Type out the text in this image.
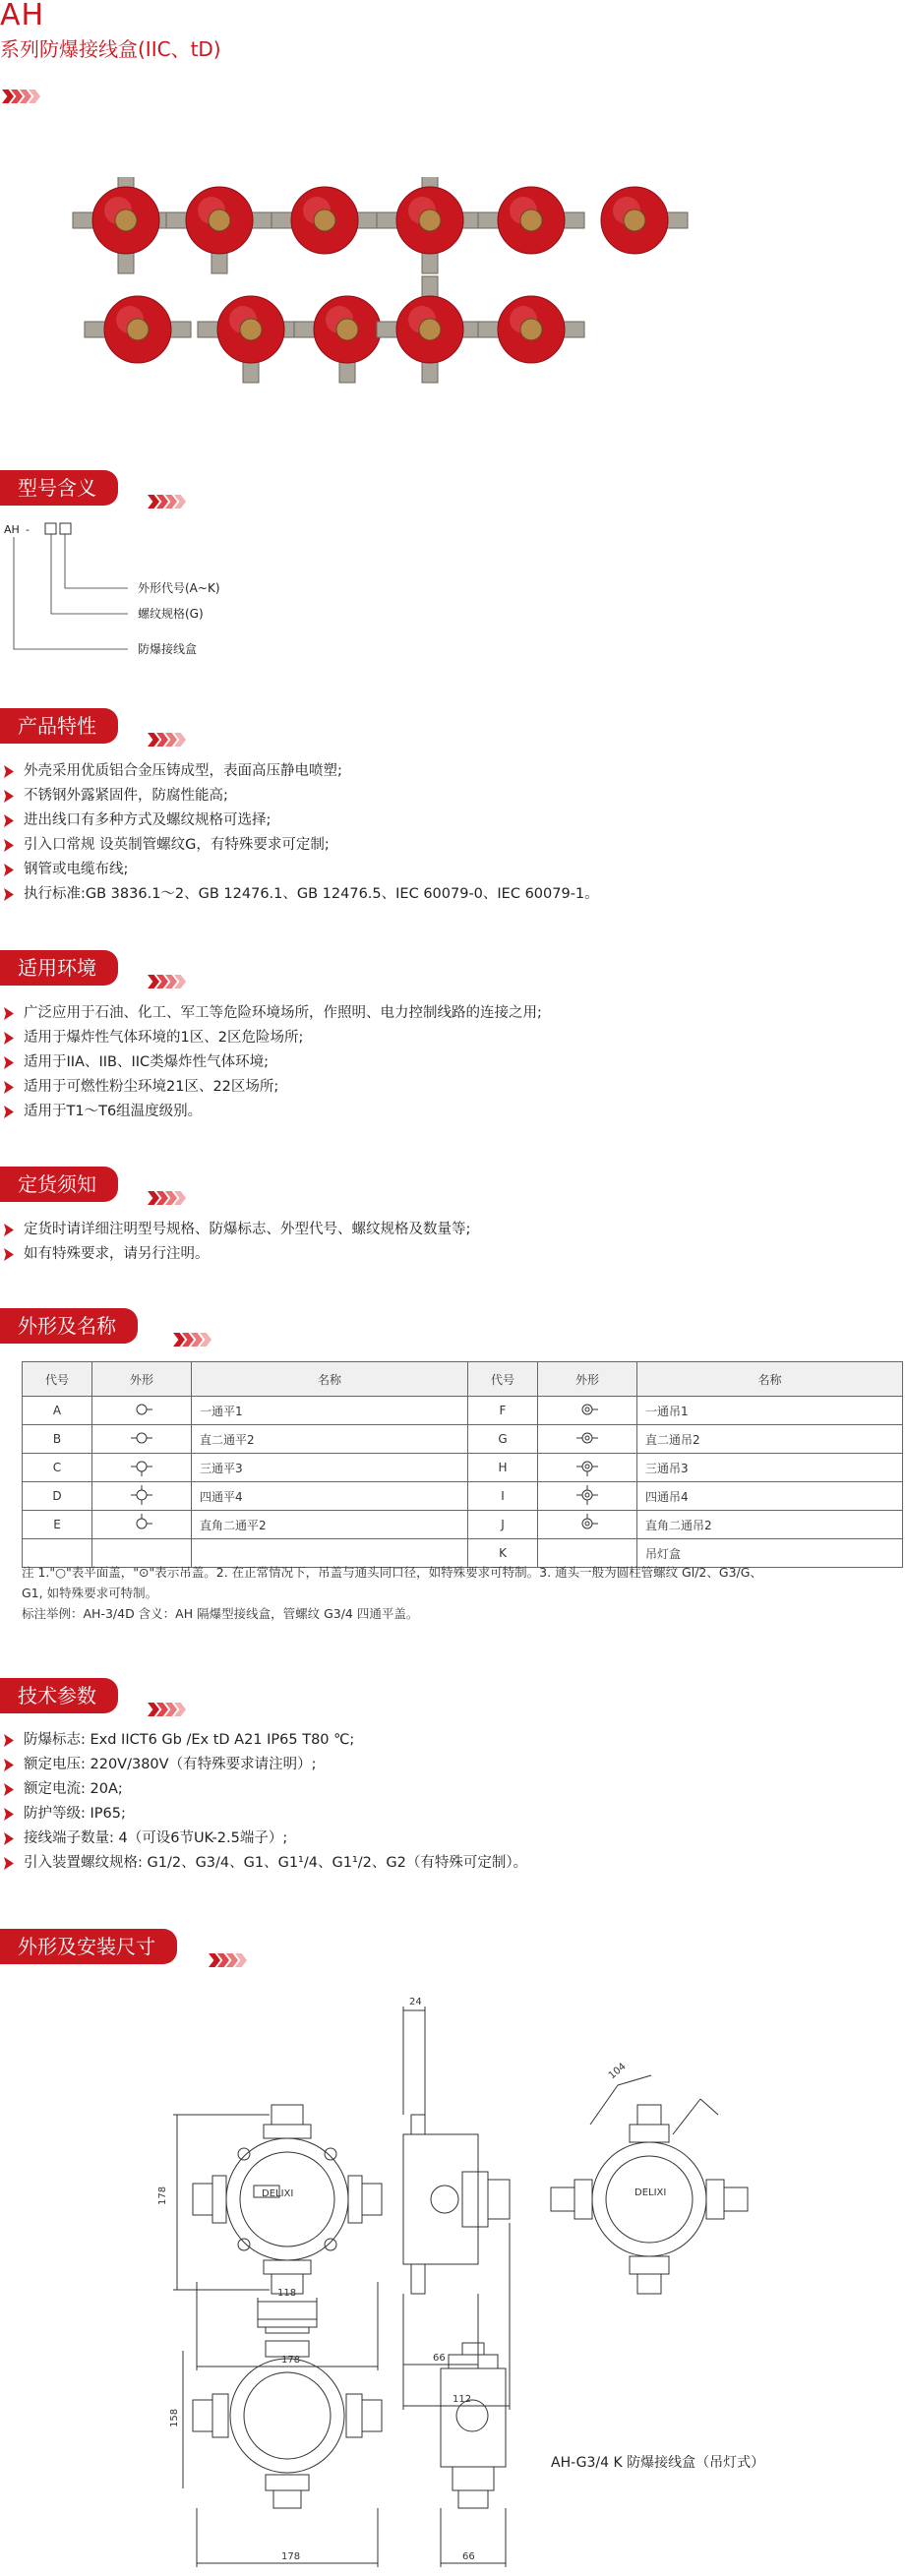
AH
系列防爆接线盒(IIC、tD)
型号含义
AH -
外形代号(A~K)
螺纹规格(G)
防爆接线盒
产品特性
外壳采用优质铝合金压铸成型，表面高压静电喷塑;
不锈钢外露紧固件，防腐性能高;
进出线口有多种方式及螺纹规格可选择;
引入口常规 设英制管螺纹G，有特殊要求可定制;
钢管或电缆布线;
执行标准:GB 3836.1～2、GB 12476.1、GB 12476.5、IEC 60079-0、IEC 60079-1。
适用环境
广泛应用于石油、化工、军工等危险环境场所，作照明、电力控制线路的连接之用;
适用于爆炸性气体环境的1区、2区危险场所;
适用于IIA、IIB、IIC类爆炸性气体环境;
适用于可燃性粉尘环境21区、22区场所;
适用于T1～T6组温度级别。
定货须知
定货时请详细注明型号规格、防爆标志、外型代号、螺纹规格及数量等;
如有特殊要求，请另行注明。
外形及名称
代号	外形	名称	代号	外形	名称
A		一通平1	F		一通吊1
B		直二通平2	G		直二通吊2
C		三通平3	H		三通吊3
D		四通平4	I		四通吊4
E		直角二通平2	J		直角二通吊2
			K		吊灯盒
注 1."○"表平面盖，"⊙"表示吊盖。2. 在正常情况下，吊盖与通头同口径，如特殊要求可特制。3. 通头一般为圆柱管螺纹 Gl/2、G3/G、
G1, 如特殊要求可特制。
标注举例：AH-3/4D 含义：AH 隔爆型接线盒，管螺纹 G3/4 四通平盖。
技术参数
防爆标志: Exd IICT6 Gb /Ex tD A21 IP65 T80 ℃;
额定电压: 220V/380V（有特殊要求请注明）;
额定电流: 20A;
防护等级: IP65;
接线端子数量: 4（可设6节UK-2.5端子）;
引入装置螺纹规格: G1/2、G3/4、G1、G1¹/4、G1¹/2、G2（有特殊可定制）。
外形及安装尺寸
DELIXI
178
178
24
66
112
DELIXI
104
118
158
178	66
AH-G3/4 K 防爆接线盒（吊灯式）
